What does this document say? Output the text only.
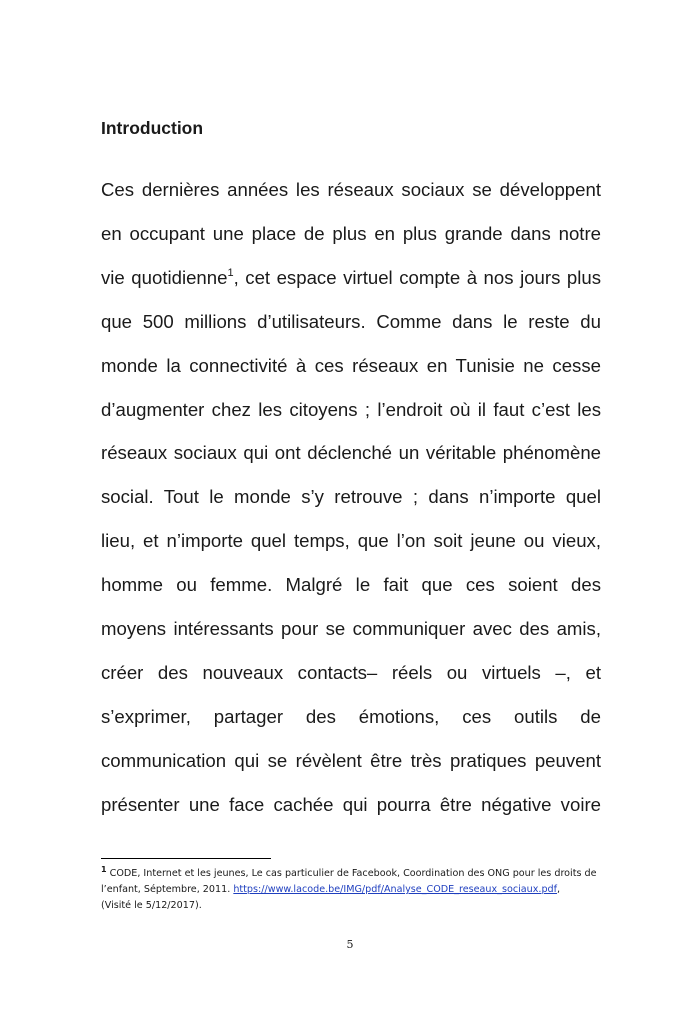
Introduction
Ces dernières années les réseaux sociaux se développent
en occupant une place de plus en plus grande dans notre
vie quotidienne$^1$, cet espace virtuel compte à nos jours plus
que 500 millions d’utilisateurs. Comme dans le reste du
monde la connectivité à ces réseaux en Tunisie ne cesse
d’augmenter chez les citoyens ; l’endroit où il faut c’est les
réseaux sociaux qui ont déclenché un véritable phénomène
social. Tout le monde s’y retrouve ; dans n’importe quel
lieu, et n’importe quel temps, que l’on soit jeune ou vieux,
homme ou femme. Malgré le fait que ces soient des
moyens intéressants pour se communiquer avec des amis,
créer des nouveaux contacts– réels ou virtuels –, et
s’exprimer, partager des émotions, ces outils de
communication qui se révèlent être très pratiques peuvent
présenter une face cachée qui pourra être négative voire
$^1$ CODE, Internet et les jeunes, Le cas particulier de Facebook, Coordination des ONG pour les droits de
l’enfant, Séptembre, 2011. https://www.lacode.be/IMG/pdf/Analyse_CODE_reseaux_sociaux.pdf,
(Visité le 5/12/2017).
5
